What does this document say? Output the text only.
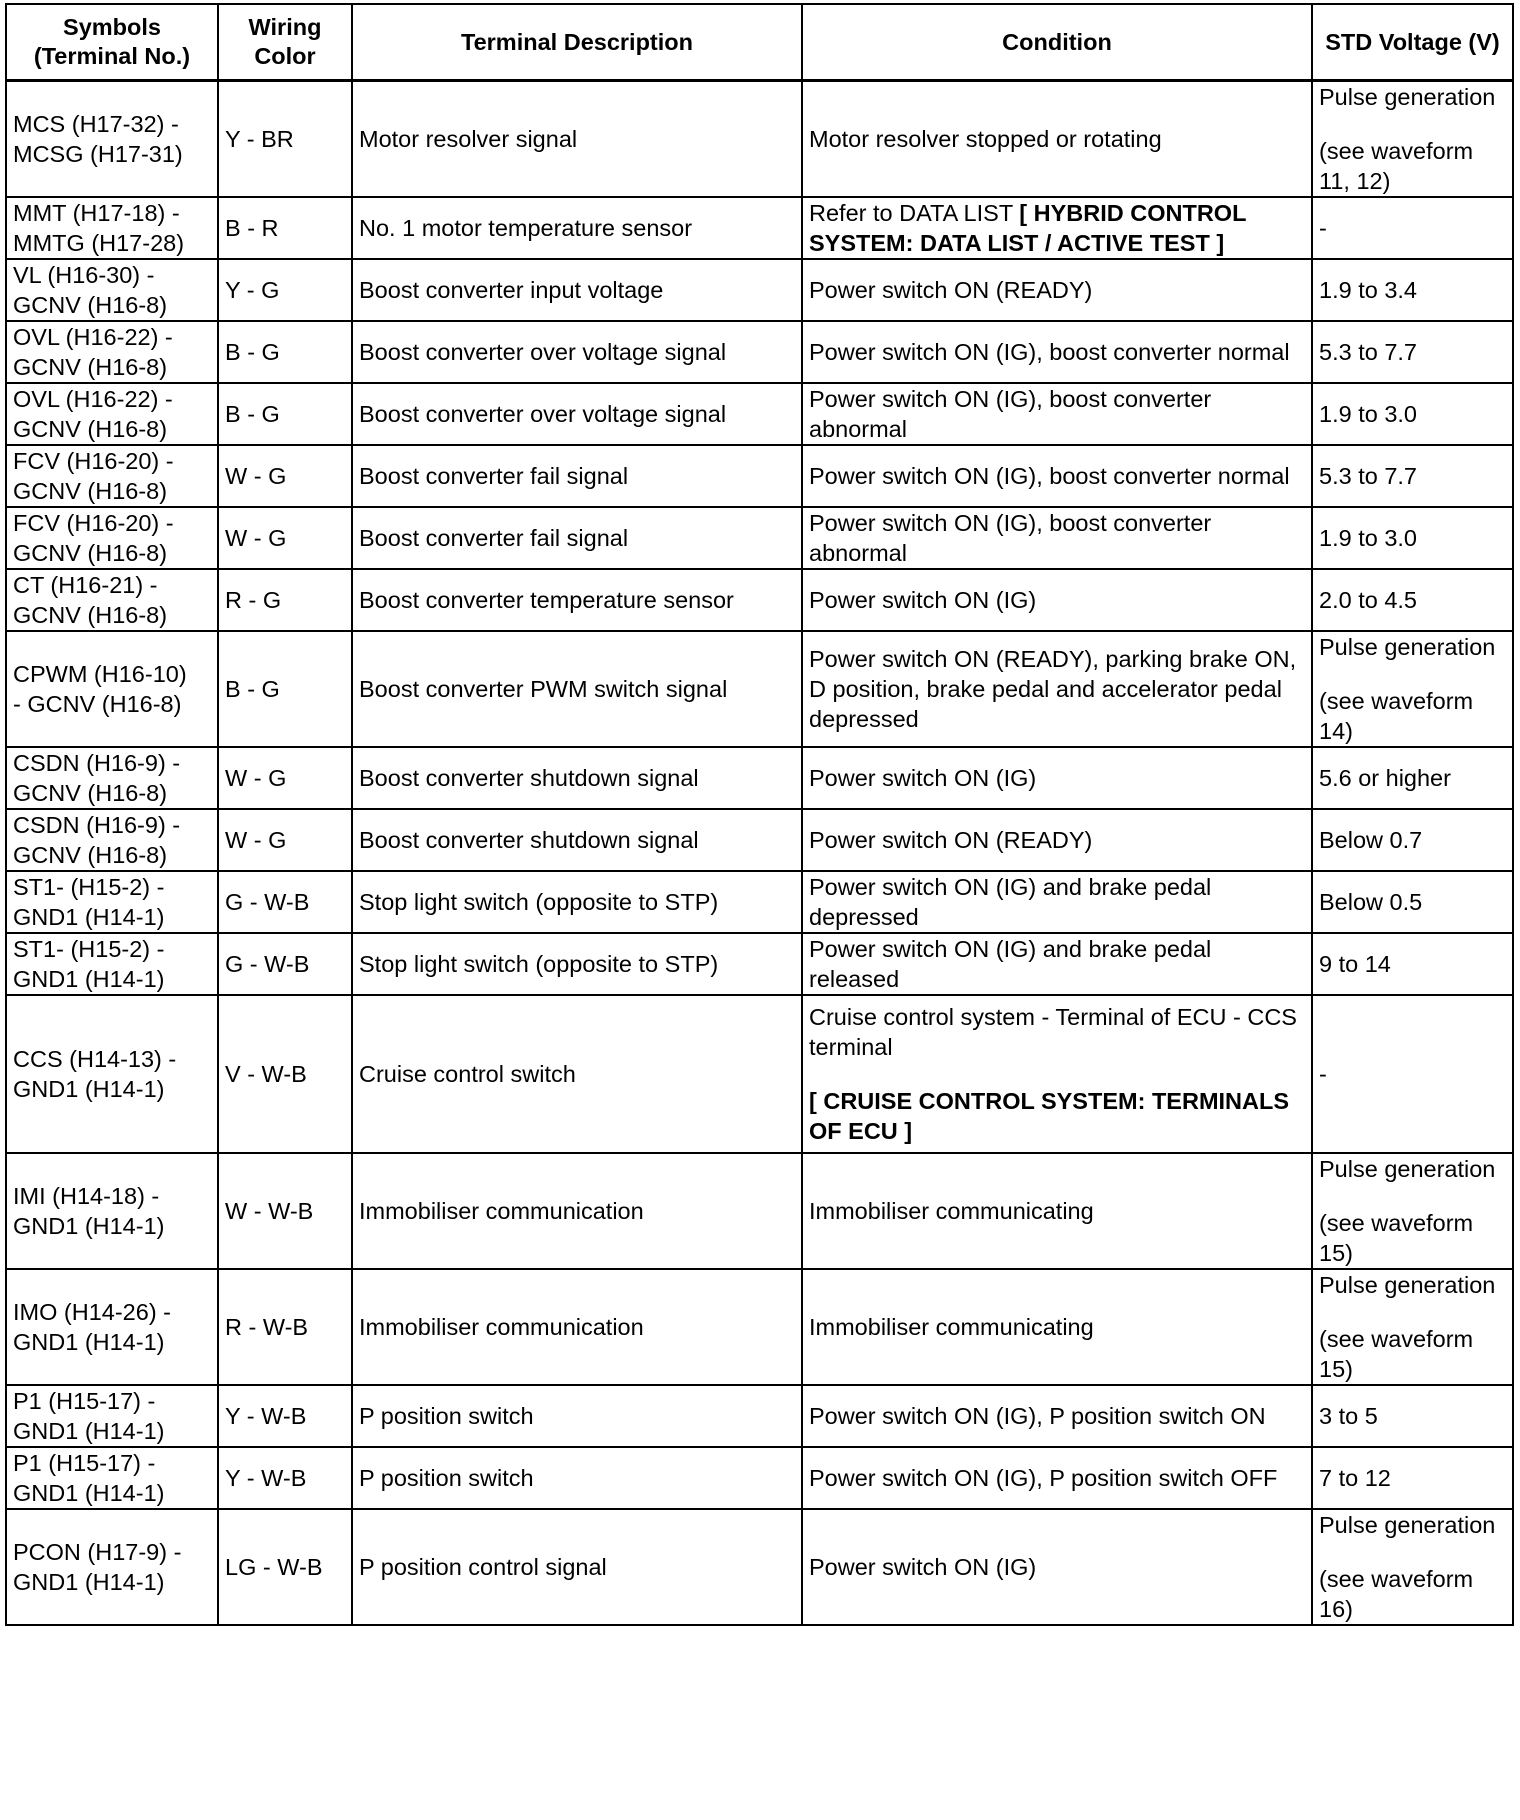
Symbols
(Terminal No.)	Wiring
Color	Terminal Description	Condition	STD Voltage (V)

MCS (H17-32) -
MCSG (H17-31)	Y - BR	Motor resolver signal	Motor resolver stopped or rotating	Pulse generation
(see waveform 11, 12)

MMT (H17-18) -
MMTG (H17-28)	B - R	No. 1 motor temperature sensor	Refer to DATA LIST [ HYBRID CONTROL SYSTEM: DATA LIST / ACTIVE TEST ]	-

VL (H16-30) -
GCNV (H16-8)	Y - G	Boost converter input voltage	Power switch ON (READY)	1.9 to 3.4

OVL (H16-22) -
GCNV (H16-8)	B - G	Boost converter over voltage signal	Power switch ON (IG), boost converter normal	5.3 to 7.7

OVL (H16-22) -
GCNV (H16-8)	B - G	Boost converter over voltage signal	Power switch ON (IG), boost converter abnormal	1.9 to 3.0

FCV (H16-20) -
GCNV (H16-8)	W - G	Boost converter fail signal	Power switch ON (IG), boost converter normal	5.3 to 7.7

FCV (H16-20) -
GCNV (H16-8)	W - G	Boost converter fail signal	Power switch ON (IG), boost converter abnormal	1.9 to 3.0

CT (H16-21) -
GCNV (H16-8)	R - G	Boost converter temperature sensor	Power switch ON (IG)	2.0 to 4.5

CPWM (H16-10)
- GCNV (H16-8)	B - G	Boost converter PWM switch signal	Power switch ON (READY), parking brake ON, D position, brake pedal and accelerator pedal depressed	Pulse generation
(see waveform 14)

CSDN (H16-9) -
GCNV (H16-8)	W - G	Boost converter shutdown signal	Power switch ON (IG)	5.6 or higher

CSDN (H16-9) -
GCNV (H16-8)	W - G	Boost converter shutdown signal	Power switch ON (READY)	Below 0.7

ST1- (H15-2) -
GND1 (H14-1)	G - W-B	Stop light switch (opposite to STP)	Power switch ON (IG) and brake pedal depressed	Below 0.5

ST1- (H15-2) -
GND1 (H14-1)	G - W-B	Stop light switch (opposite to STP)	Power switch ON (IG) and brake pedal released	9 to 14

CCS (H14-13) -
GND1 (H14-1)	V - W-B	Cruise control switch	Cruise control system - Terminal of ECU - CCS terminal
[ CRUISE CONTROL SYSTEM: TERMINALS OF ECU ]	-

IMI (H14-18) -
GND1 (H14-1)	W - W-B	Immobiliser communication	Immobiliser communicating	Pulse generation
(see waveform 15)

IMO (H14-26) -
GND1 (H14-1)	R - W-B	Immobiliser communication	Immobiliser communicating	Pulse generation
(see waveform 15)

P1 (H15-17) -
GND1 (H14-1)	Y - W-B	P position switch	Power switch ON (IG), P position switch ON	3 to 5

P1 (H15-17) -
GND1 (H14-1)	Y - W-B	P position switch	Power switch ON (IG), P position switch OFF	7 to 12

PCON (H17-9) -
GND1 (H14-1)	LG - W-B	P position control signal	Power switch ON (IG)	Pulse generation
(see waveform 16)
